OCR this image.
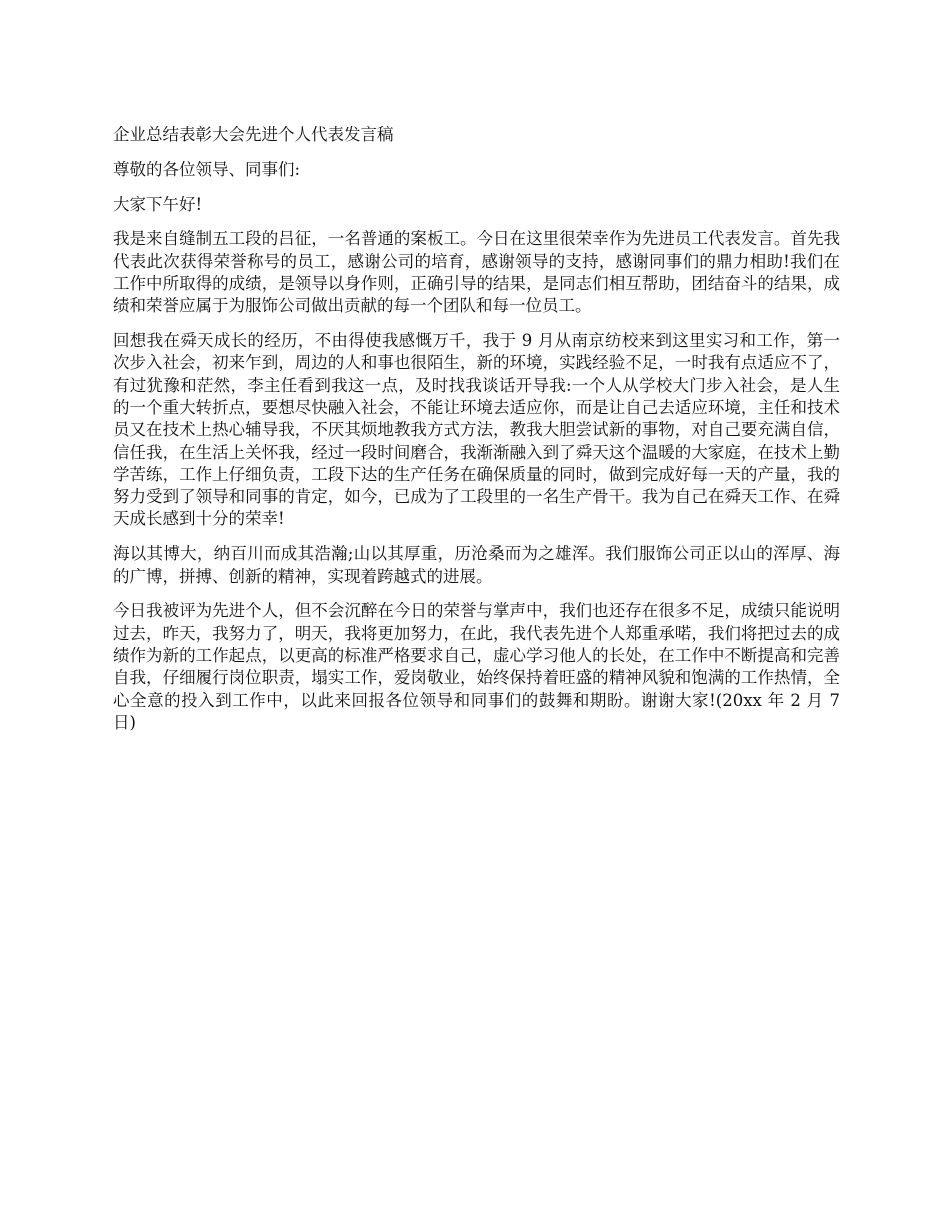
企业总结表彰大会先进个人代表发言稿

尊敬的各位领导、同事们:

大家下午好!

我是来自缝制五工段的吕征，一名普通的案板工。今日在这里很荣幸作为先进员工代表发言。首先我代表此次获得荣誉称号的员工，感谢公司的培育，感谢领导的支持，感谢同事们的鼎力相助!我们在工作中所取得的成绩，是领导以身作则，正确引导的结果，是同志们相互帮助，团结奋斗的结果，成绩和荣誉应属于为服饰公司做出贡献的每一个团队和每一位员工。

回想我在舜天成长的经历，不由得使我感慨万千，我于 9 月从南京纺校来到这里实习和工作，第一次步入社会，初来乍到，周边的人和事也很陌生，新的环境，实践经验不足，一时我有点适应不了，有过犹豫和茫然，李主任看到我这一点，及时找我谈话开导我:一个人从学校大门步入社会，是人生的一个重大转折点，要想尽快融入社会，不能让环境去适应你，而是让自己去适应环境，主任和技术员又在技术上热心辅导我，不厌其烦地教我方式方法，教我大胆尝试新的事物，对自己要充满自信，信任我，在生活上关怀我，经过一段时间磨合，我渐渐融入到了舜天这个温暖的大家庭，在技术上勤学苦练，工作上仔细负责，工段下达的生产任务在确保质量的同时，做到完成好每一天的产量，我的努力受到了领导和同事的肯定，如今，已成为了工段里的一名生产骨干。我为自己在舜天工作、在舜天成长感到十分的荣幸!

海以其博大，纳百川而成其浩瀚;山以其厚重，历沧桑而为之雄浑。我们服饰公司正以山的浑厚、海的广博，拼搏、创新的精神，实现着跨越式的进展。

今日我被评为先进个人，但不会沉醉在今日的荣誉与掌声中，我们也还存在很多不足，成绩只能说明过去，昨天，我努力了，明天，我将更加努力，在此，我代表先进个人郑重承喏，我们将把过去的成绩作为新的工作起点，以更高的标准严格要求自己，虚心学习他人的长处，在工作中不断提高和完善自我，仔细履行岗位职责，塌实工作，爱岗敬业，始终保持着旺盛的精神风貌和饱满的工作热情，全心全意的投入到工作中，以此来回报各位领导和同事们的鼓舞和期盼。谢谢大家!(20xx 年 2 月 7 日)
